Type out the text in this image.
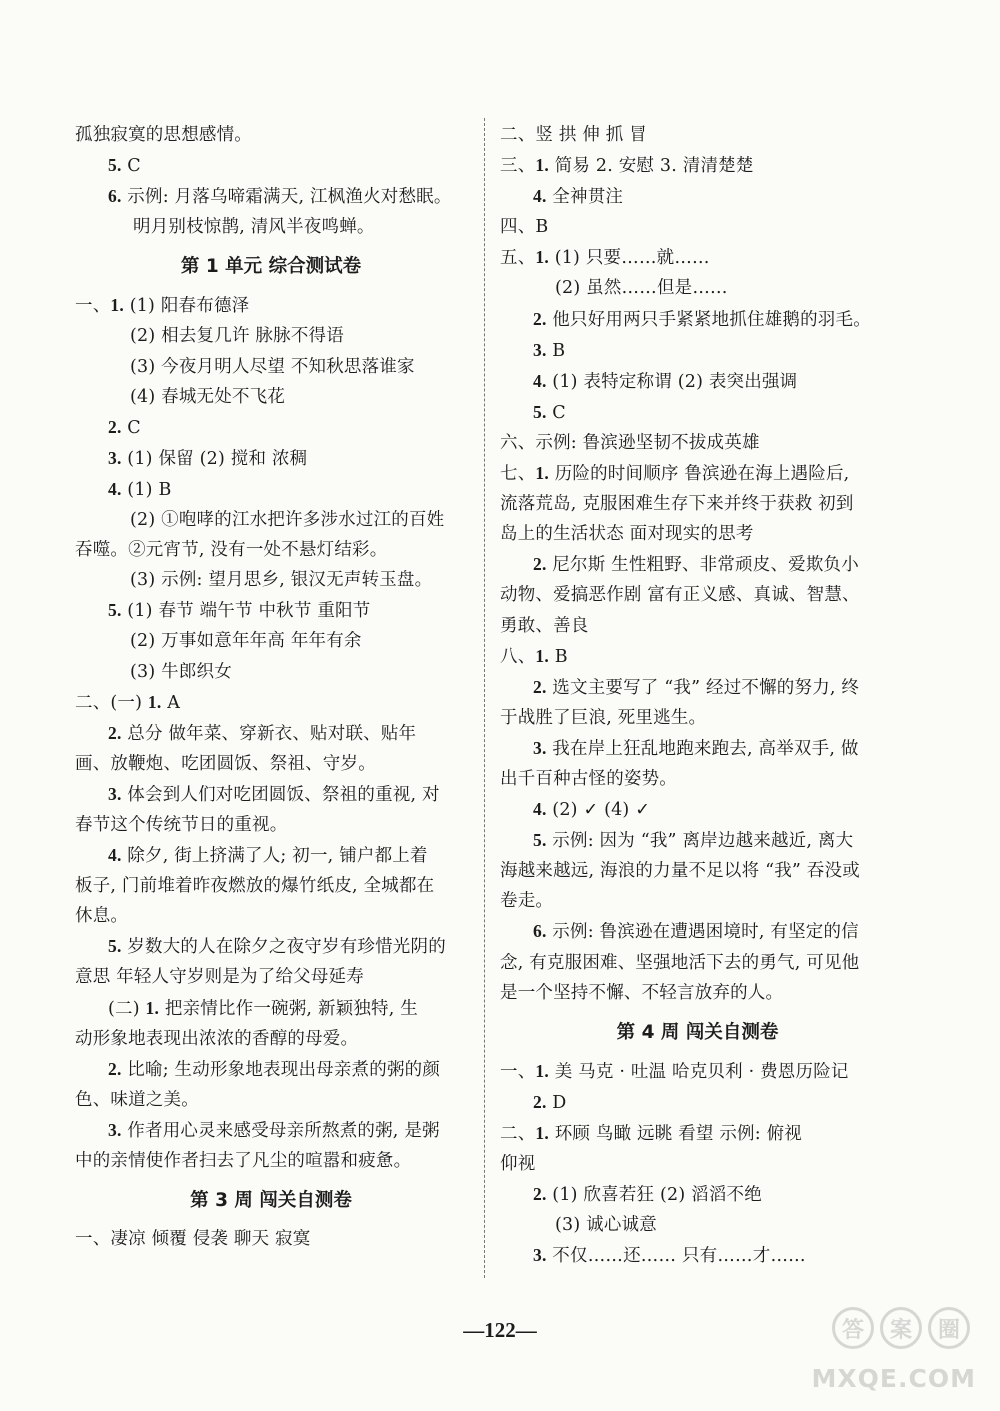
孤独寂寞的思想感情。
5. C
6. 示例: 月落乌啼霜满天, 江枫渔火对愁眠。
明月别枝惊鹊, 清风半夜鸣蝉。
第 1 单元 综合测试卷
一、1. (1) 阳春布德泽
(2) 相去复几许 脉脉不得语
(3) 今夜月明人尽望 不知秋思落谁家
(4) 春城无处不飞花
2. C
3. (1) 保留 (2) 搅和 浓稠
4. (1) B
(2) ①咆哮的江水把许多涉水过江的百姓
吞噬。②元宵节, 没有一处不悬灯结彩。
(3) 示例: 望月思乡, 银汉无声转玉盘。
5. (1) 春节 端午节 中秋节 重阳节
(2) 万事如意年年高 年年有余
(3) 牛郎织女
二、(一) 1. A
2. 总分 做年菜、穿新衣、贴对联、贴年
画、放鞭炮、吃团圆饭、祭祖、守岁。
3. 体会到人们对吃团圆饭、祭祖的重视, 对
春节这个传统节日的重视。
4. 除夕, 街上挤满了人; 初一, 铺户都上着
板子, 门前堆着昨夜燃放的爆竹纸皮, 全城都在
休息。
5. 岁数大的人在除夕之夜守岁有珍惜光阴的
意思 年轻人守岁则是为了给父母延寿
(二) 1. 把亲情比作一碗粥, 新颖独特, 生
动形象地表现出浓浓的香醇的母爱。
2. 比喻; 生动形象地表现出母亲煮的粥的颜
色、味道之美。
3. 作者用心灵来感受母亲所熬煮的粥, 是粥
中的亲情使作者扫去了凡尘的喧嚣和疲惫。
第 3 周 闯关自测卷
一、凄凉 倾覆 侵袭 聊天 寂寞
二、竖 拱 伸 抓 冒
三、1. 简易 2. 安慰 3. 清清楚楚
4. 全神贯注
四、B
五、1. (1) 只要……就……
(2) 虽然……但是……
2. 他只好用两只手紧紧地抓住雄鹅的羽毛。
3. B
4. (1) 表特定称谓 (2) 表突出强调
5. C
六、示例: 鲁滨逊坚韧不拔成英雄
七、1. 历险的时间顺序 鲁滨逊在海上遇险后,
流落荒岛, 克服困难生存下来并终于获救 初到
岛上的生活状态 面对现实的思考
2. 尼尔斯 生性粗野、非常顽皮、爱欺负小
动物、爱搞恶作剧 富有正义感、真诚、智慧、
勇敢、善良
八、1. B
2. 选文主要写了 “我” 经过不懈的努力, 终
于战胜了巨浪, 死里逃生。
3. 我在岸上狂乱地跑来跑去, 高举双手, 做
出千百种古怪的姿势。
4. (2) ✓ (4) ✓
5. 示例: 因为 “我” 离岸边越来越近, 离大
海越来越远, 海浪的力量不足以将 “我” 吞没或
卷走。
6. 示例: 鲁滨逊在遭遇困境时, 有坚定的信
念, 有克服困难、坚强地活下去的勇气, 可见他
是一个坚持不懈、不轻言放弃的人。
第 4 周 闯关自测卷
一、1. 美 马克 · 吐温 哈克贝利 · 费恩历险记
2. D
二、1. 环顾 鸟瞰 远眺 看望 示例: 俯视
仰视
2. (1) 欣喜若狂 (2) 滔滔不绝
(3) 诚心诚意
3. 不仅……还…… 只有……才……
—122—	答	案	圈
MXQE.COM
